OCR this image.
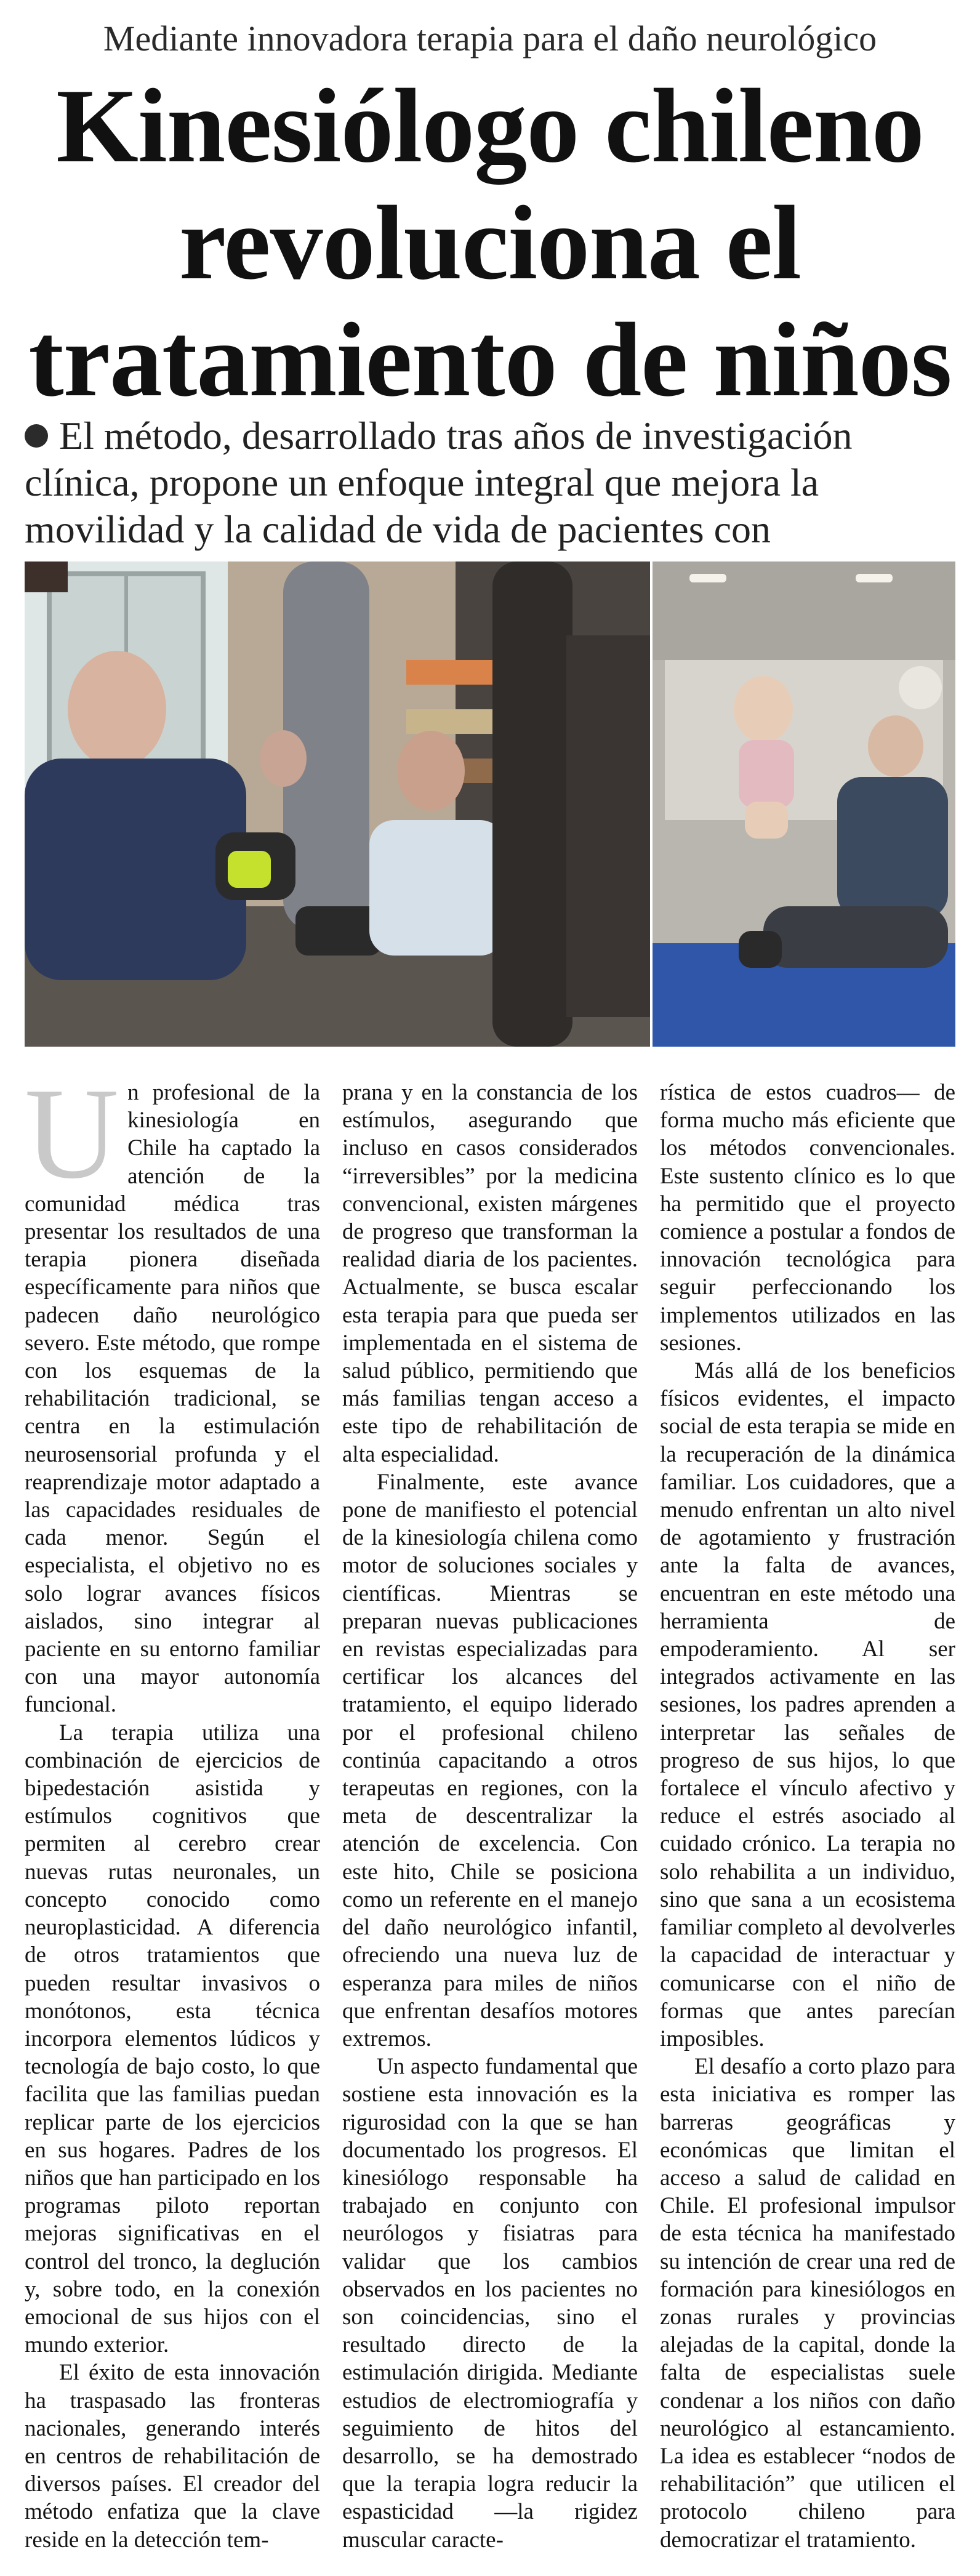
Mediante innovadora terapia para el daño neurológico
Kinesiólogo chileno revoluciona el tratamiento de niños

El método, desarrollado tras años de investigación clínica, propone un enfoque integral que mejora la movilidad y la calidad de vida de pacientes con

Un profesional de la kinesiología en Chile ha captado la atención de la comunidad médica tras presentar los resultados de una terapia pionera diseñada específicamente para niños que padecen daño neurológico severo. Este método, que rompe con los esquemas de la rehabilitación tradicional, se centra en la estimulación neurosensorial profunda y el reaprendizaje motor adaptado a las capacidades residuales de cada menor. Según el especialista, el objetivo no es solo lograr avances físicos aislados, sino integrar al paciente en su entorno familiar con una mayor autonomía funcional.

La terapia utiliza una combinación de ejercicios de bipedestación asistida y estímulos cognitivos que permiten al cerebro crear nuevas rutas neuronales, un concepto conocido como neuroplasticidad. A diferencia de otros tratamientos que pueden resultar invasivos o monótonos, esta técnica incorpora elementos lúdicos y tecnología de bajo costo, lo que facilita que las familias puedan replicar parte de los ejercicios en sus hogares. Padres de los niños que han participado en los programas piloto reportan mejoras significativas en el control del tronco, la deglución y, sobre todo, en la conexión emocional de sus hijos con el mundo exterior.

El éxito de esta innovación ha traspasado las fronteras nacionales, generando interés en centros de rehabilitación de diversos países. El creador del método enfatiza que la clave reside en la detección tem-

prana y en la constancia de los estímulos, asegurando que incluso en casos considerados “irreversibles” por la medicina convencional, existen márgenes de progreso que transforman la realidad diaria de los pacientes. Actualmente, se busca escalar esta terapia para que pueda ser implementada en el sistema de salud público, permitiendo que más familias tengan acceso a este tipo de rehabilitación de alta especialidad.

Finalmente, este avance pone de manifiesto el potencial de la kinesiología chilena como motor de soluciones sociales y científicas. Mientras se preparan nuevas publicaciones en revistas especializadas para certificar los alcances del tratamiento, el equipo liderado por el profesional chileno continúa capacitando a otros terapeutas en regiones, con la meta de descentralizar la atención de excelencia. Con este hito, Chile se posiciona como un referente en el manejo del daño neurológico infantil, ofreciendo una nueva luz de esperanza para miles de niños que enfrentan desafíos motores extremos.

Un aspecto fundamental que sostiene esta innovación es la rigurosidad con la que se han documentado los progresos. El kinesiólogo responsable ha trabajado en conjunto con neurólogos y fisiatras para validar que los cambios observados en los pacientes no son coincidencias, sino el resultado directo de la estimulación dirigida. Mediante estudios de electromiografía y seguimiento de hitos del desarrollo, se ha demostrado que la terapia logra reducir la espasticidad —la rigidez muscular caracte-

rística de estos cuadros— de forma mucho más eficiente que los métodos convencionales. Este sustento clínico es lo que ha permitido que el proyecto comience a postular a fondos de innovación tecnológica para seguir perfeccionando los implementos utilizados en las sesiones.

Más allá de los beneficios físicos evidentes, el impacto social de esta terapia se mide en la recuperación de la dinámica familiar. Los cuidadores, que a menudo enfrentan un alto nivel de agotamiento y frustración ante la falta de avances, encuentran en este método una herramienta de empoderamiento. Al ser integrados activamente en las sesiones, los padres aprenden a interpretar las señales de progreso de sus hijos, lo que fortalece el vínculo afectivo y reduce el estrés asociado al cuidado crónico. La terapia no solo rehabilita a un individuo, sino que sana a un ecosistema familiar completo al devolverles la capacidad de interactuar y comunicarse con el niño de formas que antes parecían imposibles.

El desafío a corto plazo para esta iniciativa es romper las barreras geográficas y económicas que limitan el acceso a salud de calidad en Chile. El profesional impulsor de esta técnica ha manifestado su intención de crear una red de formación para kinesiólogos en zonas rurales y provincias alejadas de la capital, donde la falta de especialistas suele condenar a los niños con daño neurológico al estancamiento. La idea es establecer “nodos de rehabilitación” que utilicen el protocolo chileno para democratizar el tratamiento.
